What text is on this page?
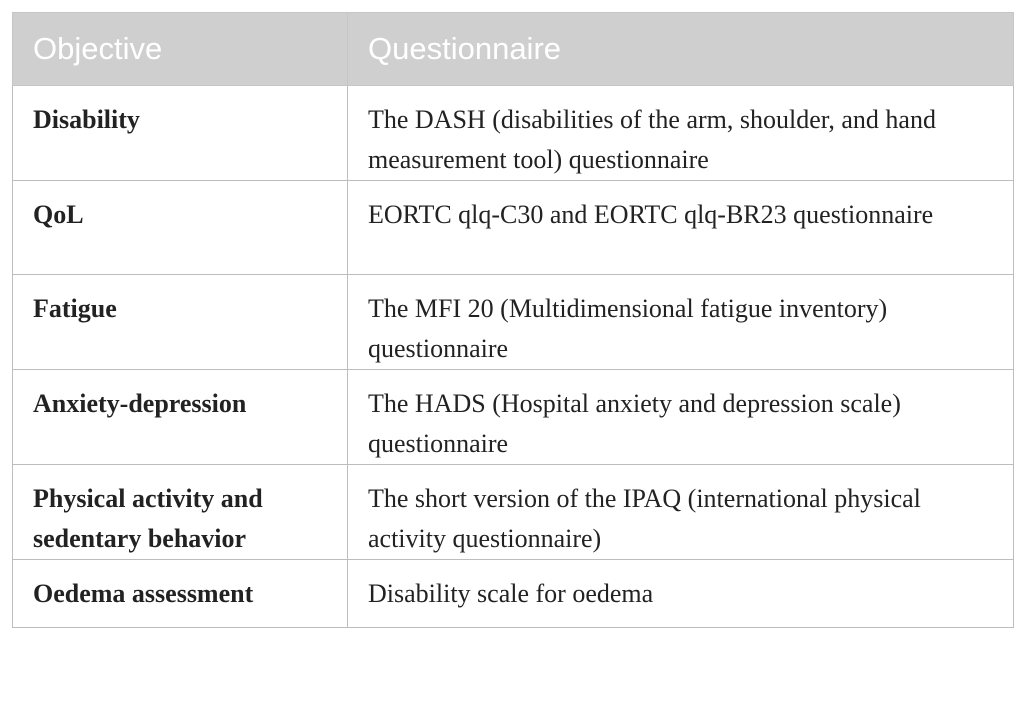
Objective	Questionnaire
Disability	The DASH (disabilities of the arm, shoulder, and hand measurement tool) questionnaire
QoL	EORTC qlq-C30 and EORTC qlq-BR23 questionnaire
Fatigue	The MFI 20 (Multidimensional fatigue inventory) questionnaire
Anxiety-depression	The HADS (Hospital anxiety and depression scale) questionnaire
Physical activity and sedentary behavior	The short version of the IPAQ (international physical activity questionnaire)
Oedema assessment	Disability scale for oedema
